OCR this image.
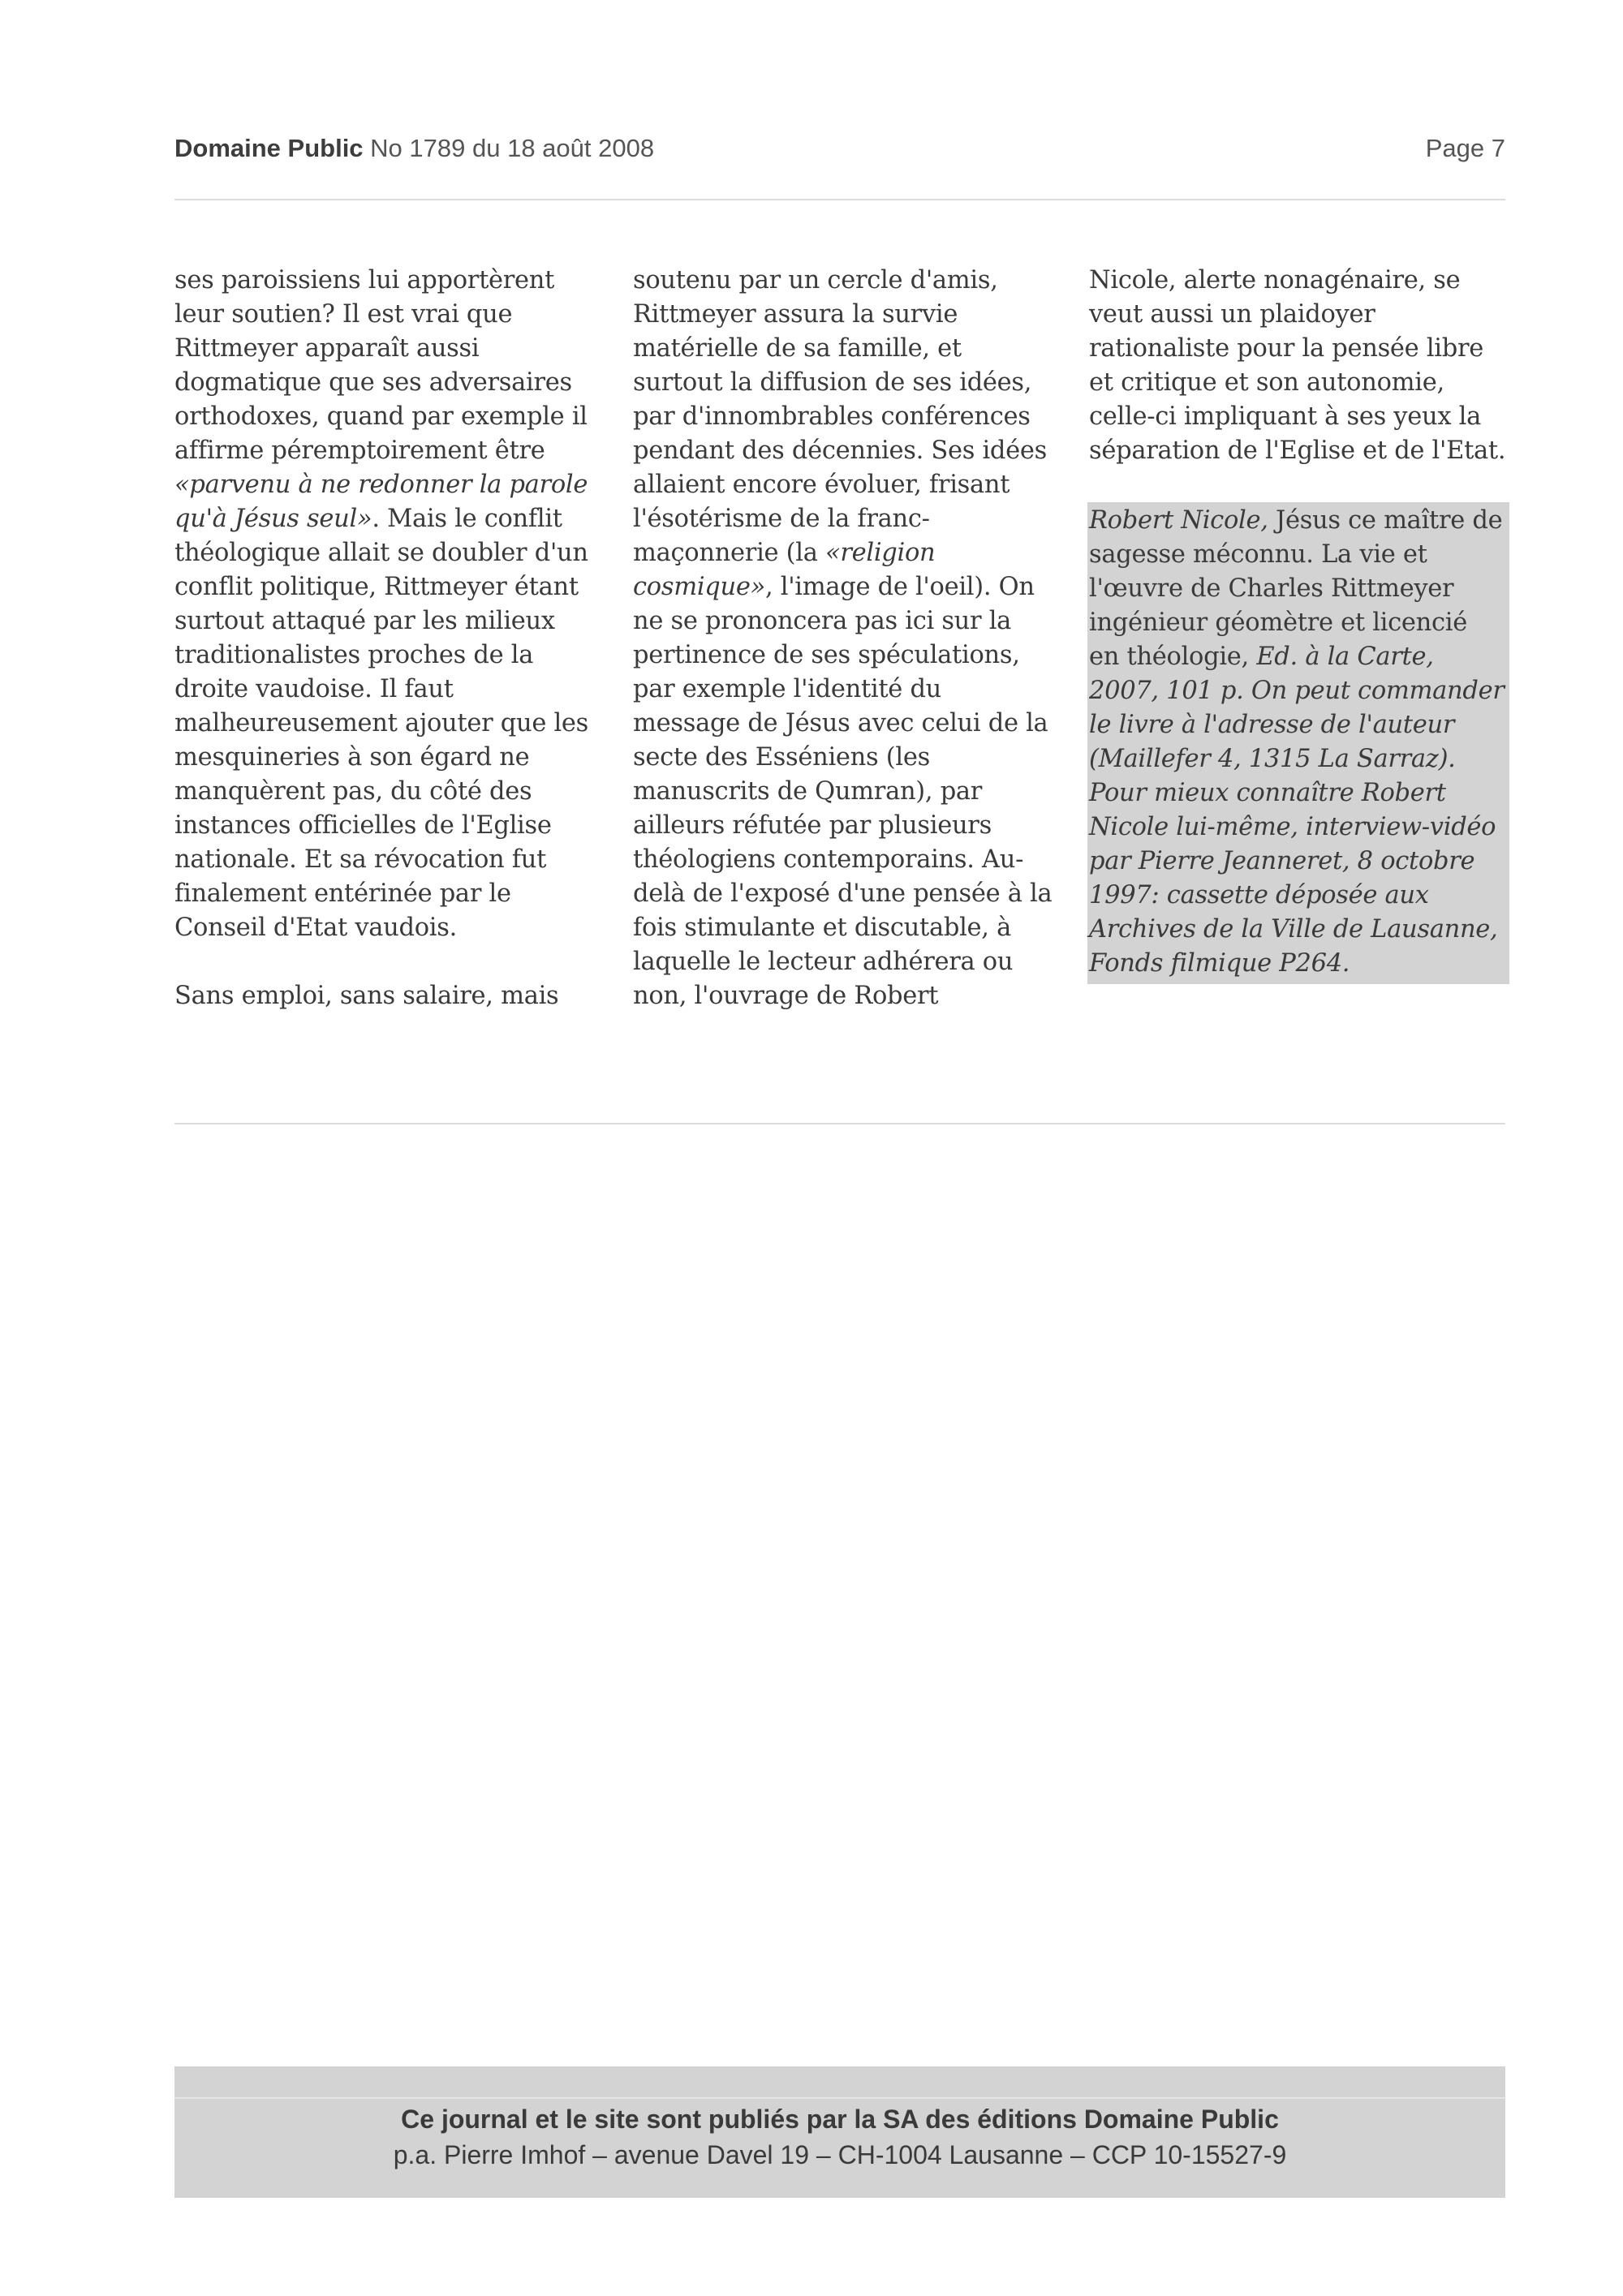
Domaine Public No 1789 du 18 août 2008	Page 7

ses paroissiens lui apportèrent leur soutien? Il est vrai que Rittmeyer apparaît aussi dogmatique que ses adversaires orthodoxes, quand par exemple il affirme péremptoirement être «parvenu à ne redonner la parole qu'à Jésus seul». Mais le conflit théologique allait se doubler d'un conflit politique, Rittmeyer étant surtout attaqué par les milieux traditionalistes proches de la droite vaudoise. Il faut malheureusement ajouter que les mesquineries à son égard ne manquèrent pas, du côté des instances officielles de l'Eglise nationale. Et sa révocation fut finalement entérinée par le Conseil d'Etat vaudois.

Sans emploi, sans salaire, mais

soutenu par un cercle d'amis, Rittmeyer assura la survie matérielle de sa famille, et surtout la diffusion de ses idées, par d'innombrables conférences pendant des décennies. Ses idées allaient encore évoluer, frisant l'ésotérisme de la franc-maçonnerie (la «religion cosmique», l'image de l'oeil). On ne se prononcera pas ici sur la pertinence de ses spéculations, par exemple l'identité du message de Jésus avec celui de la secte des Esséniens (les manuscrits de Qumran), par ailleurs réfutée par plusieurs théologiens contemporains. Au-delà de l'exposé d'une pensée à la fois stimulante et discutable, à laquelle le lecteur adhérera ou non, l'ouvrage de Robert

Nicole, alerte nonagénaire, se veut aussi un plaidoyer rationaliste pour la pensée libre et critique et son autonomie, celle-ci impliquant à ses yeux la séparation de l'Eglise et de l'Etat.

Robert Nicole, Jésus ce maître de sagesse méconnu. La vie et l'œuvre de Charles Rittmeyer ingénieur géomètre et licencié en théologie, Ed. à la Carte, 2007, 101 p. On peut commander le livre à l'adresse de l'auteur (Maillefer 4, 1315 La Sarraz). Pour mieux connaître Robert Nicole lui-même, interview-vidéo par Pierre Jeanneret, 8 octobre 1997: cassette déposée aux Archives de la Ville de Lausanne, Fonds filmique P264.
Ce journal et le site sont publiés par la SA des éditions Domaine Public
p.a. Pierre Imhof – avenue Davel 19 – CH-1004 Lausanne – CCP 10-15527-9
